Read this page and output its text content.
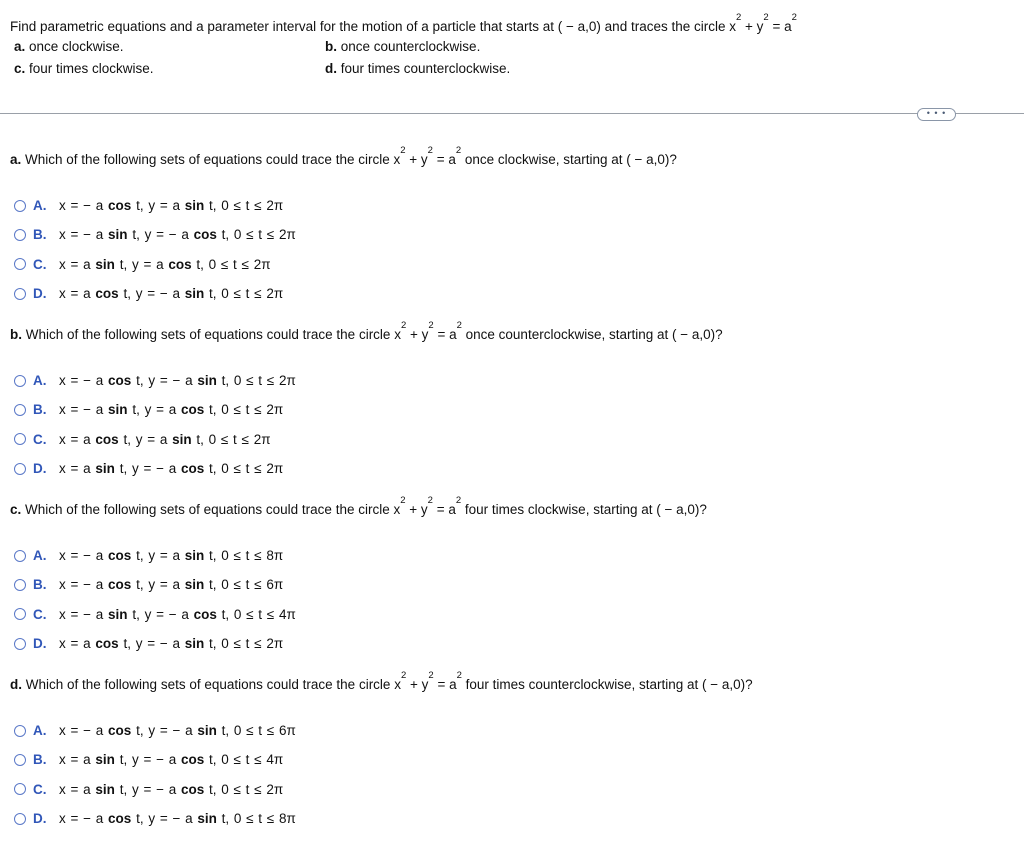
Find parametric equations and a parameter interval for the motion of a particle that starts at ( − a,0) and traces the circle $x^2 + y^2 = a^2$
a. once clockwise.	b. once counterclockwise.
c. four times clockwise.	d. four times counterclockwise.
• • •
a. Which of the following sets of equations could trace the circle $x^2 + y^2 = a^2$ once clockwise, starting at ( − a,0)?
A. x = − a cos t, y = a sin t, 0 ≤ t ≤ 2π
B. x = − a sin t, y = − a cos t, 0 ≤ t ≤ 2π
C. x = a sin t, y = a cos t, 0 ≤ t ≤ 2π
D. x = a cos t, y = − a sin t, 0 ≤ t ≤ 2π
b. Which of the following sets of equations could trace the circle $x^2 + y^2 = a^2$ once counterclockwise, starting at ( − a,0)?
A. x = − a cos t, y = − a sin t, 0 ≤ t ≤ 2π
B. x = − a sin t, y = a cos t, 0 ≤ t ≤ 2π
C. x = a cos t, y = a sin t, 0 ≤ t ≤ 2π
D. x = a sin t, y = − a cos t, 0 ≤ t ≤ 2π
c. Which of the following sets of equations could trace the circle $x^2 + y^2 = a^2$ four times clockwise, starting at ( − a,0)?
A. x = − a cos t, y = a sin t, 0 ≤ t ≤ 8π
B. x = − a cos t, y = a sin t, 0 ≤ t ≤ 6π
C. x = − a sin t, y = − a cos t, 0 ≤ t ≤ 4π
D. x = a cos t, y = − a sin t, 0 ≤ t ≤ 2π
d. Which of the following sets of equations could trace the circle $x^2 + y^2 = a^2$ four times counterclockwise, starting at ( − a,0)?
A. x = − a cos t, y = − a sin t, 0 ≤ t ≤ 6π
B. x = a sin t, y = − a cos t, 0 ≤ t ≤ 4π
C. x = a sin t, y = − a cos t, 0 ≤ t ≤ 2π
D. x = − a cos t, y = − a sin t, 0 ≤ t ≤ 8π
